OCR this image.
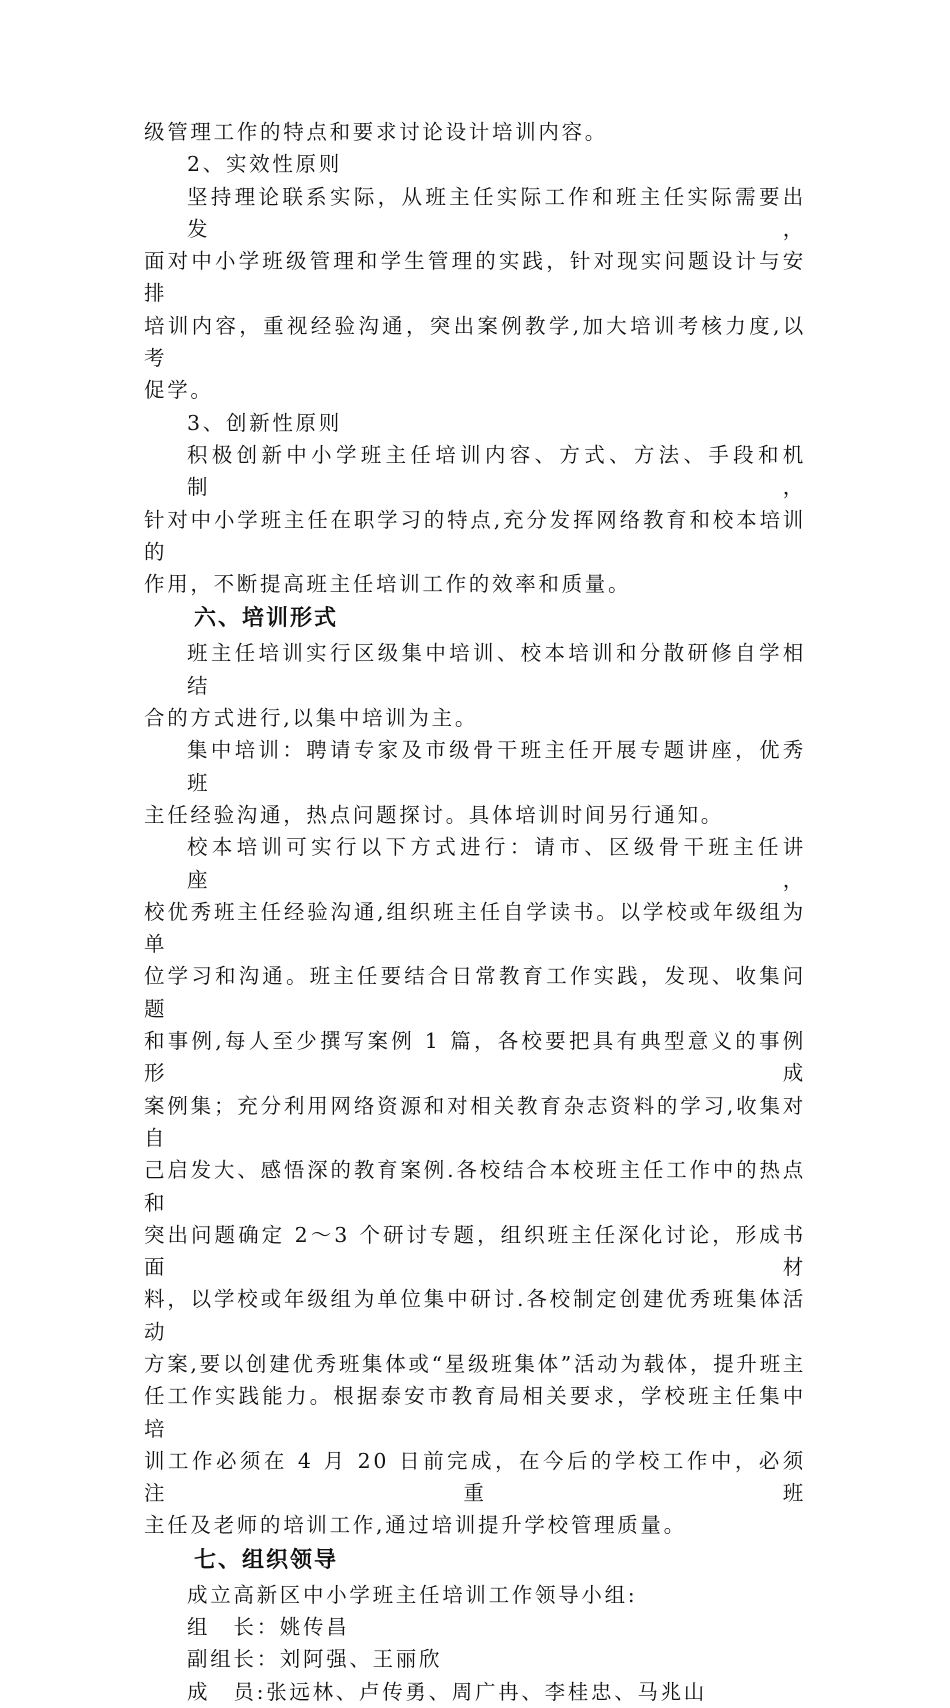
级管理工作的特点和要求讨论设计培训内容。

2、实效性原则

坚持理论联系实际，从班主任实际工作和班主任实际需要出发，
面对中小学班级管理和学生管理的实践，针对现实问题设计与安排
培训内容，重视经验沟通，突出案例教学,加大培训考核力度,以考
促学。

3、创新性原则

积极创新中小学班主任培训内容、方式、方法、手段和机制，
针对中小学班主任在职学习的特点,充分发挥网络教育和校本培训的
作用，不断提高班主任培训工作的效率和质量。

六、培训形式

班主任培训实行区级集中培训、校本培训和分散研修自学相结
合的方式进行,以集中培训为主。

集中培训：聘请专家及市级骨干班主任开展专题讲座，优秀班
主任经验沟通，热点问题探讨。具体培训时间另行通知。

校本培训可实行以下方式进行：请市、区级骨干班主任讲座，
校优秀班主任经验沟通,组织班主任自学读书。以学校或年级组为单
位学习和沟通。班主任要结合日常教育工作实践，发现、收集问题
和事例,每人至少撰写案例 1 篇，各校要把具有典型意义的事例形成
案例集；充分利用网络资源和对相关教育杂志资料的学习,收集对自
己启发大、感悟深的教育案例.各校结合本校班主任工作中的热点和
突出问题确定 2～3 个研讨专题，组织班主任深化讨论，形成书面材
料，以学校或年级组为单位集中研讨.各校制定创建优秀班集体活动
方案,要以创建优秀班集体或“星级班集体”活动为载体，提升班主
任工作实践能力。根据泰安市教育局相关要求，学校班主任集中培
训工作必须在 4 月 20 日前完成，在今后的学校工作中，必须注重班
主任及老师的培训工作,通过培训提升学校管理质量。

七、组织领导

成立高新区中小学班主任培训工作领导小组:

组　长：姚传昌

副组长：刘阿强、王丽欣

成　员:张远林、卢传勇、周广冉、李桂忠、马兆山
